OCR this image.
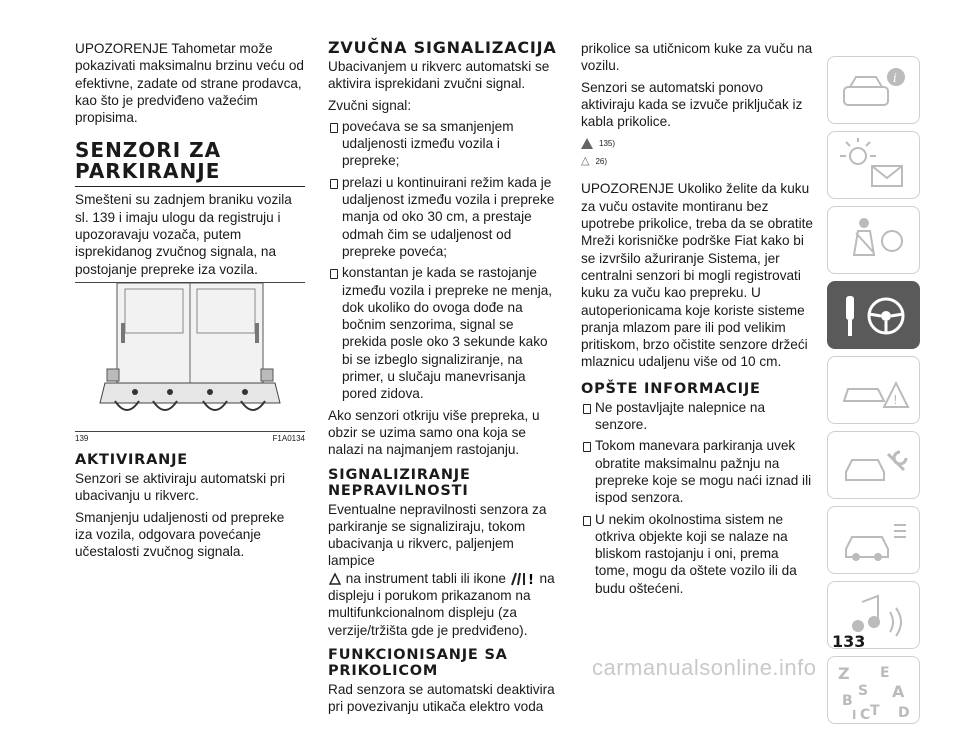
UPOZORENJE Tahometar može pokazivati maksimalnu brzinu veću od efektivne, zadate od strane prodavca, kao što je predviđeno važećim propisima.

SENZORI ZA PARKIRANJE

Smešteni su zadnjem braniku vozila sl. 139 i imaju ulogu da registruju i upozoravaju vozača, putem isprekidanog zvučnog signala, na postojanje prepreke iza vozila.

139	F1A0134
AKTIVIRANJE

Senzori se aktiviraju automatski pri ubacivanju u rikverc.

Smanjenju udaljenosti od prepreke iza vozila, odgovara povećanje učestalosti zvučnog signala.

ZVUČNA SIGNALIZACIJA

Ubacivanjem u rikverc automatski se aktivira isprekidani zvučni signal.

Zvučni signal:

povećava se sa smanjenjem udaljenosti između vozila i prepreke;

prelazi u kontinuirani režim kada je udaljenost između vozila i prepreke manja od oko 30 cm, a prestaje odmah čim se udaljenost od prepreke poveća;

konstantan je kada se rastojanje između vozila i prepreke ne menja, dok ukoliko do ovoga dođe na bočnim senzorima, signal se prekida posle oko 3 sekunde kako bi se izbeglo signaliziranje, na primer, u slučaju manevrisanja pored zidova.

Ako senzori otkriju više prepreka, u obzir se uzima samo ona koja se nalazi na najmanjem rastojanju.

SIGNALIZIRANJE NEPRAVILNOSTI

Eventualne nepravilnosti senzora za parkiranje se signaliziraju, tokom ubacivanja u rikverc, paljenjem lampice
na instrument tabli ili ikone ! na displeju i porukom prikazanom na multifunkcionalnom displeju (za verzije/tržišta gde je predviđeno).

FUNKCIONISANJE SA PRIKOLICOM

Rad senzora se automatski deaktivira pri povezivanju utikača elektro voda

prikolice sa utičnicom kuke za vuču na vozilu.

Senzori se automatski ponovo aktiviraju kada se izvuče priključak iz kabla prikolice.

135)
△ 26)

UPOZORENJE Ukoliko želite da kuku za vuču ostavite montiranu bez upotrebe prikolice, treba da se obratite Mreži korisničke podrške Fiat kako bi se izvršilo ažuriranje Sistema, jer centralni senzori bi mogli registrovati kuku za vuču kao prepreku. U autoperionicama koje koriste sisteme pranja mlazom pare ili pod velikim pritiskom, brzo očistite senzore držeći mlaznicu udaljenu više od 10 cm.

OPŠTE INFORMACIJE

Ne postavljajte nalepnice na senzore.

Tokom manevara parkiranja uvek obratite maksimalnu pažnju na prepreke koje se mogu naći iznad ili ispod senzora.

U nekim okolnostima sistem ne otkriva objekte koji se nalaze na bliskom rastojanju i oni, prema tome, mogu da oštete vozilo ili da budu oštećeni.

i
!
Z E
S A
B
T D
I C
133
carmanualsonline.info
